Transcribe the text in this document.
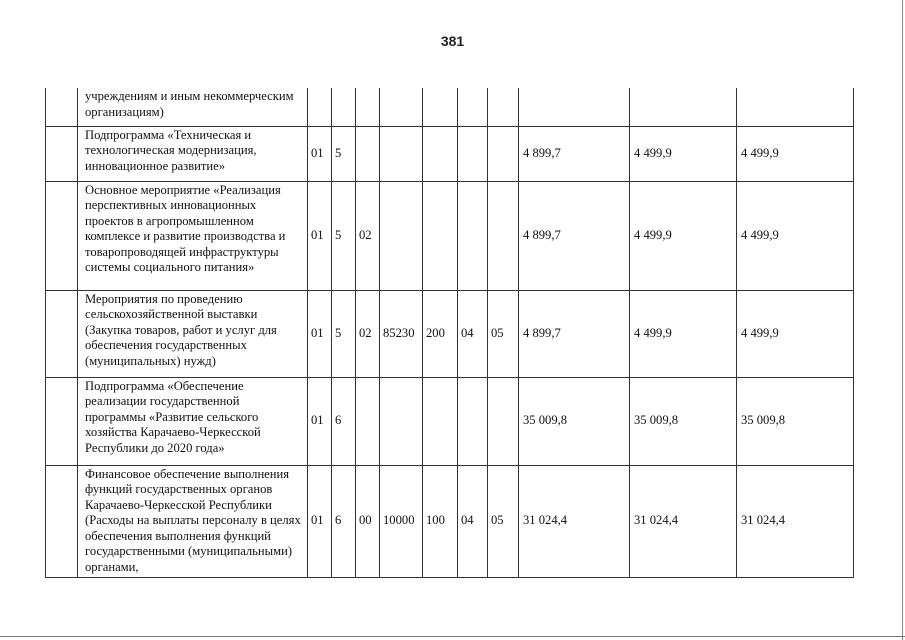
381
	учреждениям и иным некоммерческим организациям)										
	Подпрограмма «Техническая и технологическая модернизация, инновационное развитие»	01	5						4 899,7	4 499,9	4 499,9
	Основное мероприятие «Реализация перспективных инновационных проектов в агропромышленном комплексе и развитие производства и товаропроводящей инфраструктуры системы социального питания»	01	5	02					4 899,7	4 499,9	4 499,9
	Мероприятия по проведению сельскохозяйственной выставки (Закупка товаров, работ и услуг для обеспечения государственных (муниципальных) нужд)	01	5	02	85230	200	04	05	4 899,7	4 499,9	4 499,9
	Подпрограмма «Обеспечение реализации государственной программы «Развитие сельского хозяйства Карачаево-Черкесской Республики до 2020 года»	01	6						35 009,8	35 009,8	35 009,8
	Финансовое обеспечение выполнения функций государственных органов Карачаево-Черкесской Республики (Расходы на выплаты персоналу в целях обеспечения выполнения функций государственными (муниципальными) органами,	01	6	00	10000	100	04	05	31 024,4	31 024,4	31 024,4
